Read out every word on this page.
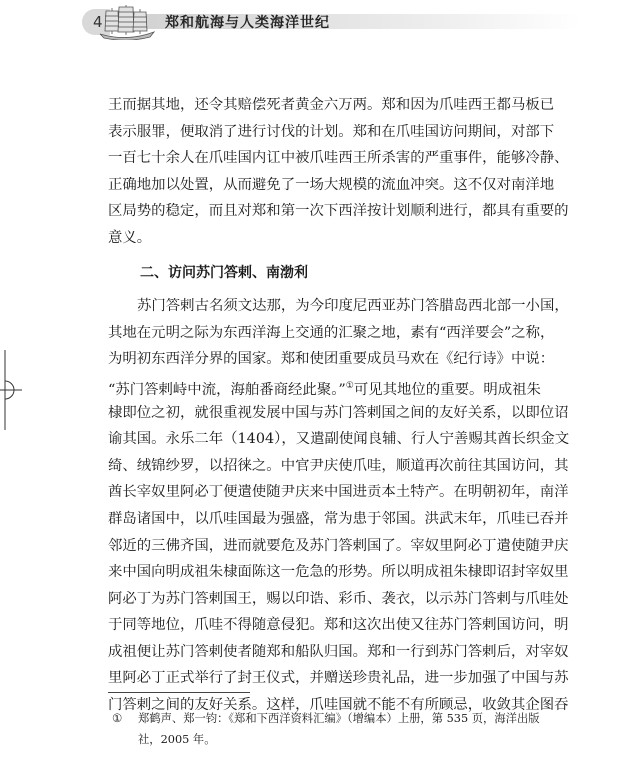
4	郑和航海与人类海洋世纪
王而据其地，还令其赔偿死者黄金六万两。郑和因为爪哇西王都马板已
表示服罪，便取消了进行讨伐的计划。郑和在爪哇国访问期间，对部下
一百七十余人在爪哇国内讧中被爪哇西王所杀害的严重事件，能够冷静、
正确地加以处置，从而避免了一场大规模的流血冲突。这不仅对南洋地
区局势的稳定，而且对郑和第一次下西洋按计划顺利进行，都具有重要的
意义。
二、访问苏门答剌、南渤利
苏门答剌古名须文达那，为今印度尼西亚苏门答腊岛西北部一小国，
其地在元明之际为东西洋海上交通的汇聚之地，素有“西洋要会”之称，
为明初东西洋分界的国家。郑和使团重要成员马欢在《纪行诗》中说：
“苏门答剌峙中流，海舶番商经此聚。”①可见其地位的重要。明成祖朱
棣即位之初，就很重视发展中国与苏门答剌国之间的友好关系，以即位诏
谕其国。永乐二年（1404），又遣副使闻良辅、行人宁善赐其酋长织金文
绮、绒锦纱罗，以招徕之。中官尹庆使爪哇，顺道再次前往其国访问，其
酋长宰奴里阿必丁便遣使随尹庆来中国进贡本土特产。在明朝初年，南洋
群岛诸国中，以爪哇国最为强盛，常为患于邻国。洪武末年，爪哇已吞并
邻近的三佛齐国，进而就要危及苏门答剌国了。宰奴里阿必丁遣使随尹庆
来中国向明成祖朱棣面陈这一危急的形势。所以明成祖朱棣即诏封宰奴里
阿必丁为苏门答剌国王，赐以印诰、彩币、袭衣，以示苏门答剌与爪哇处
于同等地位，爪哇不得随意侵犯。郑和这次出使又往苏门答剌国访问，明
成祖便让苏门答剌使者随郑和船队归国。郑和一行到苏门答剌后，对宰奴
里阿必丁正式举行了封王仪式，并赠送珍贵礼品，进一步加强了中国与苏
门答剌之间的友好关系。这样，爪哇国就不能不有所顾忌，收敛其企图吞
① 郑鹤声、郑一钧：《郑和下西洋资料汇编》（增编本）上册，第 535 页，海洋出版
社，2005 年。
